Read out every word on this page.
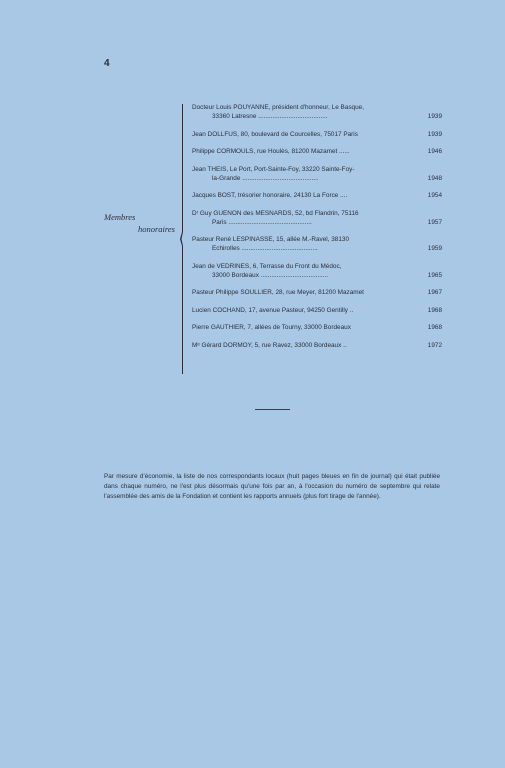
4
Membres
honoraires
Docteur Louis POUYANNE, président d'honneur, Le Basque,
33360 Latresne .......................................	1939
Jean DOLLFUS, 80, boulevard de Courcelles, 75017 Paris	1939
Philippe CORMOULS, rue Houlès, 81200 Mazamet ......	1946
Jean THEIS, Le Port, Port-Sainte-Foy, 33220 Sainte-Foy-
la-Grande ...........................................	1948
Jacques BOST, trésorier honoraire, 24130 La Force ....	1954
Dʳ Guy GUENON des MESNARDS, 52, bd Flandrin, 75116
Paris ...............................................	1957
Pasteur René LESPINASSE, 15, allée M.-Ravel, 38130
Echirolles ...........................................	1959
Jean de VEDRINES, 6, Terrasse du Front du Médoc,
33000 Bordeaux ......................................	1965
Pasteur Philippe SOULLIER, 28, rue Meyer, 81200 Mazamet	1967
Lucien COCHAND, 17, avenue Pasteur, 94250 Gentilly ..	1968
Pierre GAUTHIER, 7, allées de Tourny, 33000 Bordeaux	1968
Mᵉ Gérard DORMOY, 5, rue Ravez, 33000 Bordeaux ..	1972
Par mesure d'économie, la liste de nos correspondants locaux (huit pages bleues en fin de journal) qui était publiée dans chaque numéro, ne l'est plus désormais qu'une fois par an, à l'occasion du numéro de septembre qui relate l'assemblée des amis de la Fondation et contient les rapports annuels (plus fort tirage de l'année).
